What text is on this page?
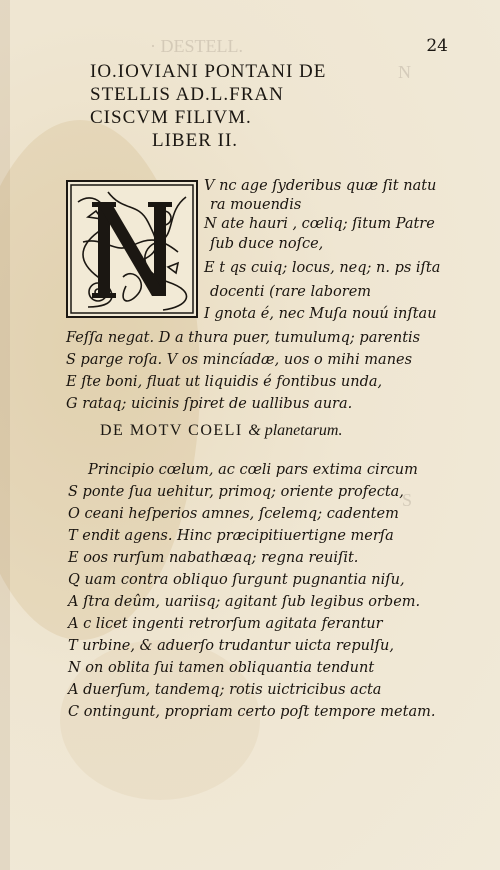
· DESTELL.
N
S
24
IO.IOVIANI PONTANI DE
STELLIS AD.L.FRAN
CISCVM FILIVM.
LIBER II.
V nc age ſyderibus quæ ſit natu
ra mouendis
N ate hauri , cœliq; ſitum Patre
ſub duce noſce,
E t qs cuiq; locus, neq; n. ps iſta
docenti (rare laborem
I gnota é, nec Muſa nouú inſtau
Feſſa negat. D a thura puer, tumulumq; parentis
S parge roſa. V os mincíadæ, uos o mihi manes
E ſte boni, fluat ut liquidis é fontibus unda,
G rataq; uicinis ſpiret de uallibus aura.
DE MOTV COELI & planetarum.
Principio cœlum, ac cœli pars extima circum
S ponte ſua uehitur, primoq; oriente profecta,
O ceani heſperios amnes, ſcelemq; cadentem
T endit agens. Hinc præcipitiuertigne merſa
E oos rurſum nabathæaq; regna reuiſit.
Q uam contra obliquo ſurgunt pugnantia niſu,
A ſtra deûm, uariisq; agitant ſub legibus orbem.
A c licet ingenti retrorſum agitata ferantur
T urbine, & aduerſo trudantur uicta repulſu,
N on oblita ſui tamen obliquantia tendunt
A duerſum, tandemq; rotis uictricibus acta
C ontingunt, propriam certo poſt tempore metam.
